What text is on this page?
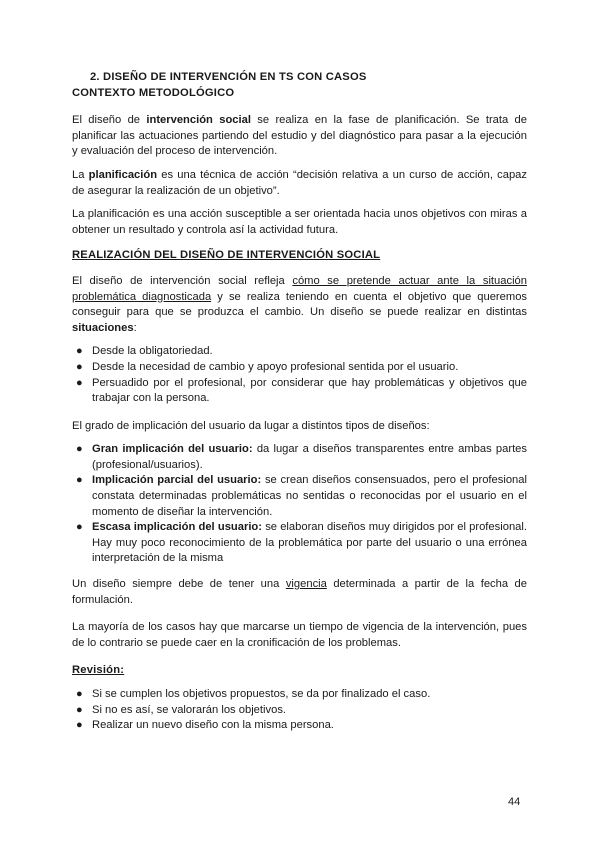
2. DISEÑO DE INTERVENCIÓN EN TS CON CASOS
CONTEXTO METODOLÓGICO

El diseño de intervención social se realiza en la fase de planificación. Se trata de planificar las actuaciones partiendo del estudio y del diagnóstico para pasar a la ejecución y evaluación del proceso de intervención.

La planificación es una técnica de acción “decisión relativa a un curso de acción, capaz de asegurar la realización de un objetivo”.

La planificación es una acción susceptible a ser orientada hacia unos objetivos con miras a obtener un resultado y controla así la actividad futura.

REALIZACIÓN DEL DISEÑO DE INTERVENCIÓN SOCIAL

El diseño de intervención social refleja cómo se pretende actuar ante la situación problemática diagnosticada y se realiza teniendo en cuenta el objetivo que queremos conseguir para que se produzca el cambio. Un diseño se puede realizar en distintas situaciones:

● Desde la obligatoriedad.
● Desde la necesidad de cambio y apoyo profesional sentida por el usuario.
● Persuadido por el profesional, por considerar que hay problemáticas y objetivos que trabajar con la persona.

El grado de implicación del usuario da lugar a distintos tipos de diseños:

● Gran implicación del usuario: da lugar a diseños transparentes entre ambas partes (profesional/usuarios).
● Implicación parcial del usuario: se crean diseños consensuados, pero el profesional constata determinadas problemáticas no sentidas o reconocidas por el usuario en el momento de diseñar la intervención.
● Escasa implicación del usuario: se elaboran diseños muy dirigidos por el profesional. Hay muy poco reconocimiento de la problemática por parte del usuario o una errónea interpretación de la misma

Un diseño siempre debe de tener una vigencia determinada a partir de la fecha de formulación.

La mayoría de los casos hay que marcarse un tiempo de vigencia de la intervención, pues de lo contrario se puede caer en la cronificación de los problemas.

Revisión:
● Si se cumplen los objetivos propuestos, se da por finalizado el caso.
● Si no es así, se valorarán los objetivos.
● Realizar un nuevo diseño con la misma persona.
44
